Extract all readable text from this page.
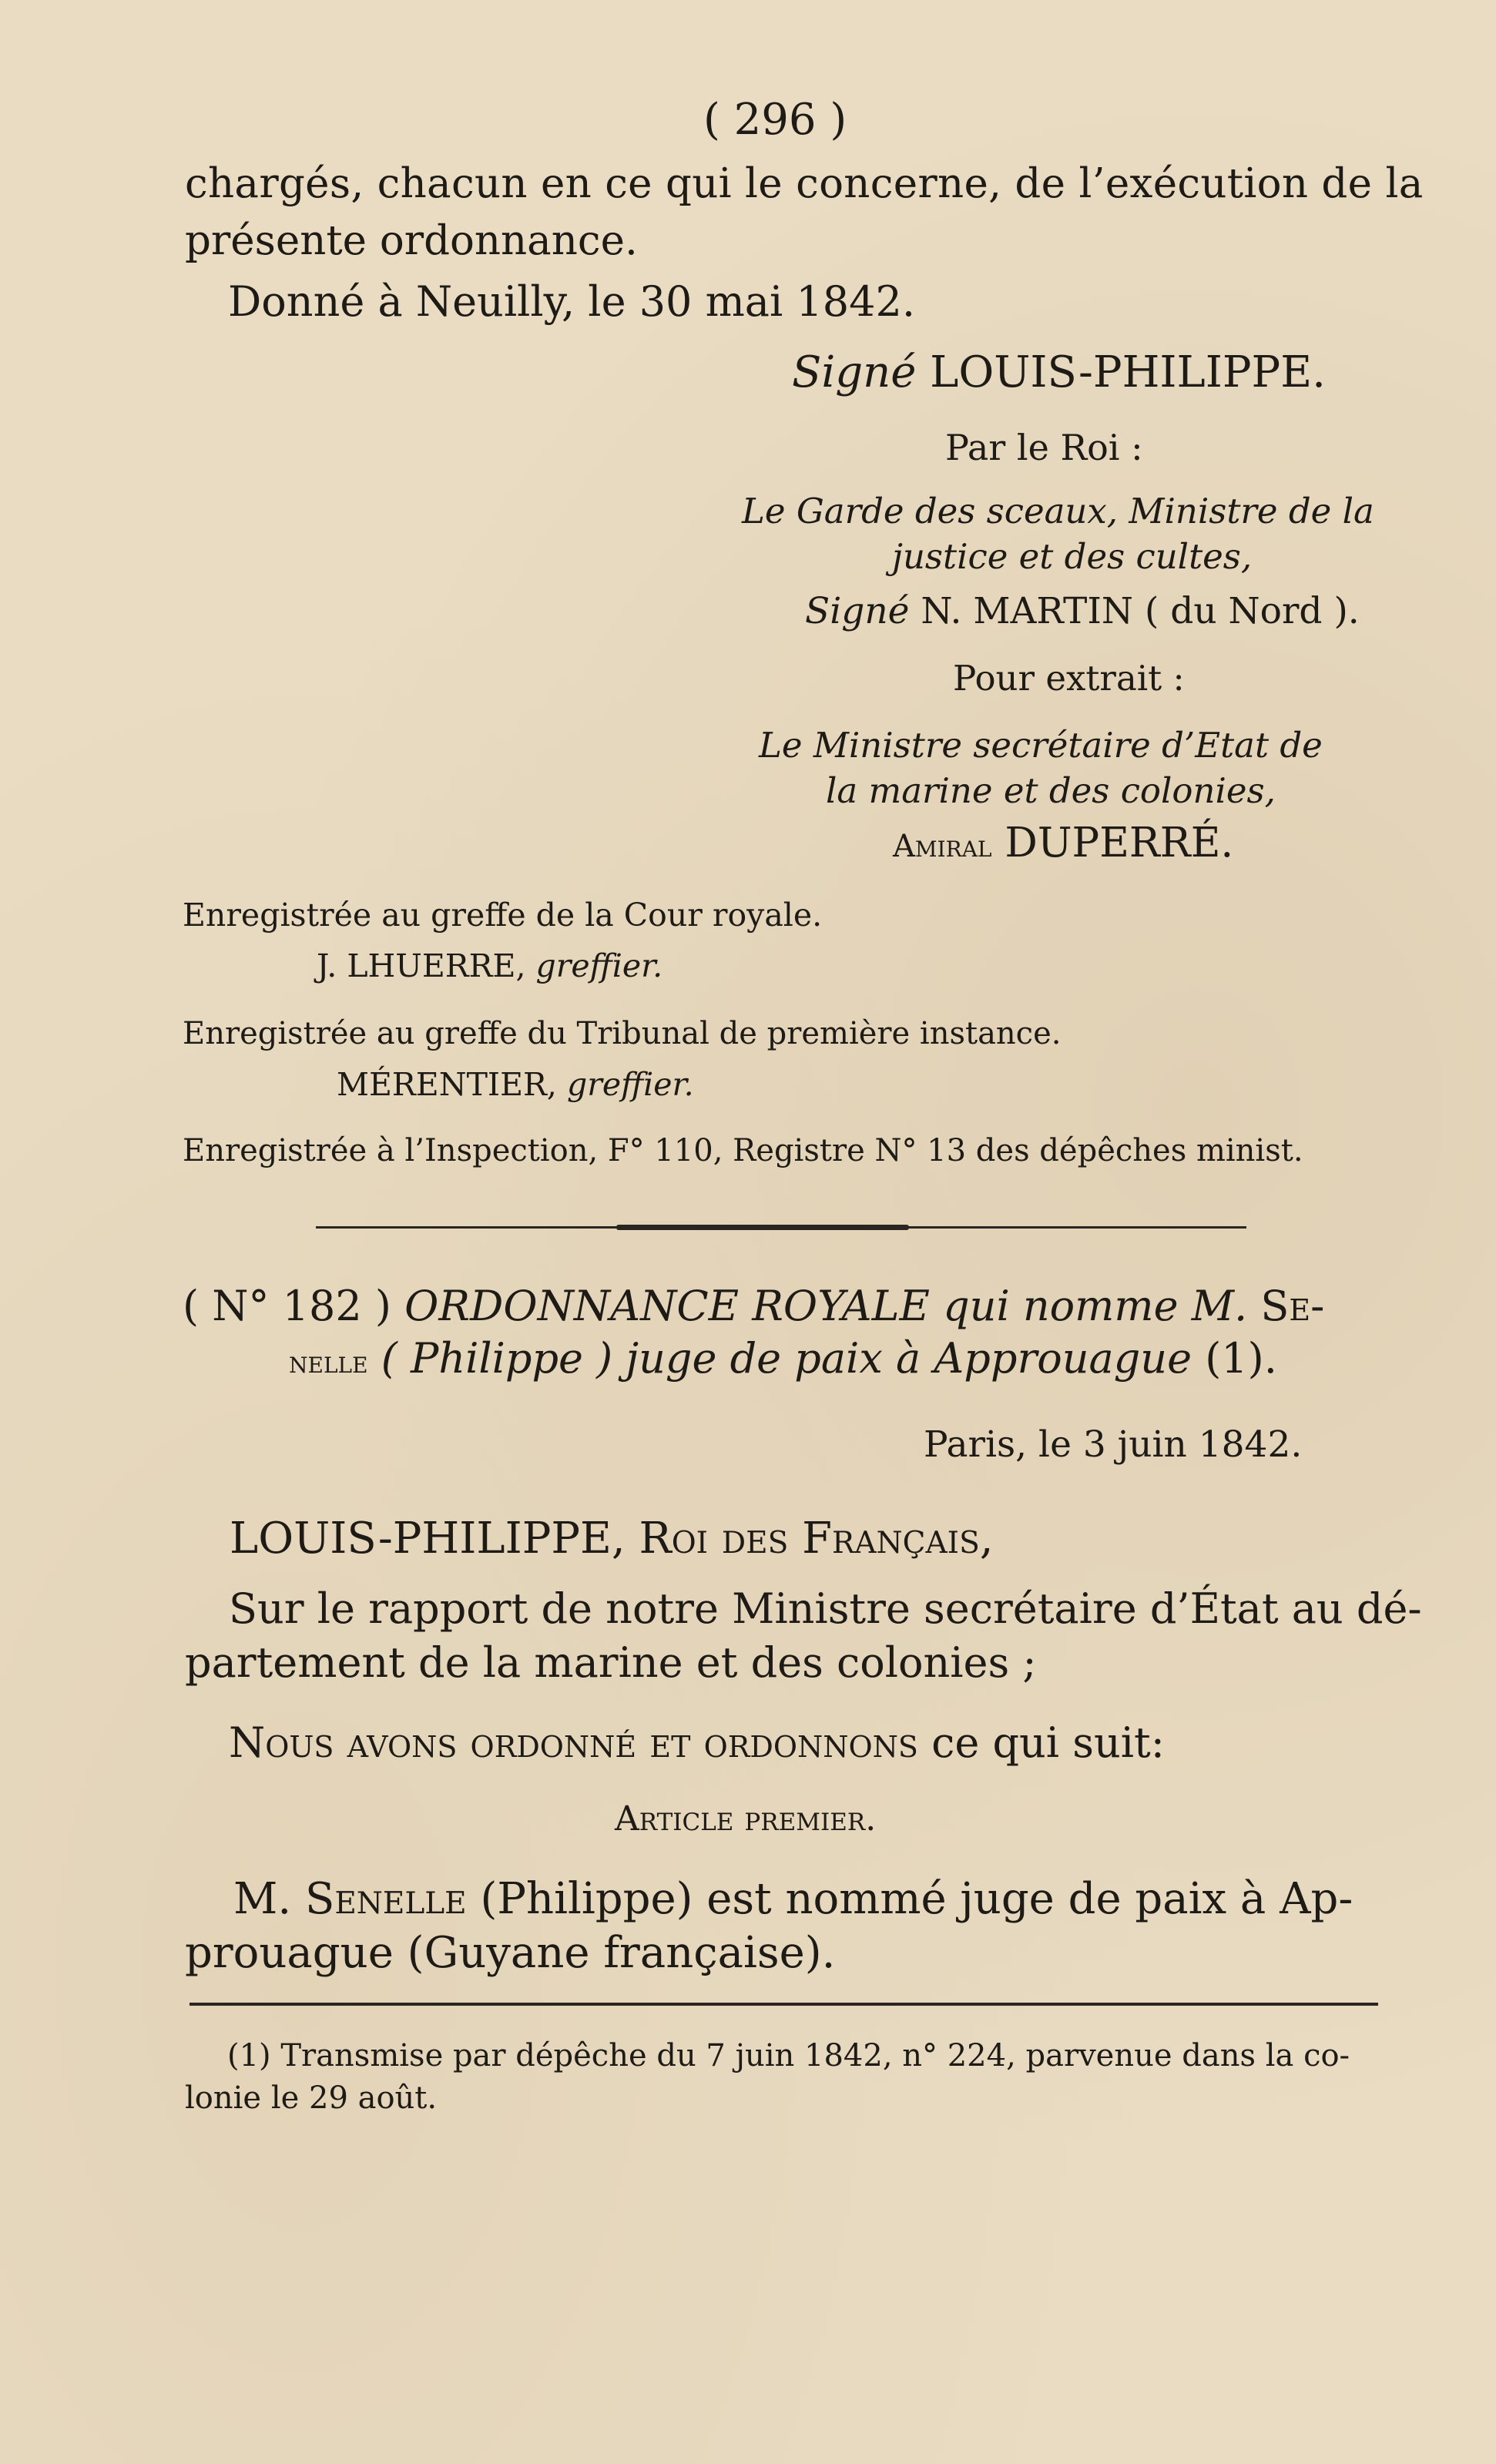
( 296 )
chargés, chacun en ce qui le concerne, de l’exécution de la
présente ordonnance.
Donné à Neuilly, le 30 mai 1842.
Signé LOUIS-PHILIPPE.
Par le Roi :
Le Garde des sceaux, Ministre de la
justice et des cultes,
Signé N. MARTIN ( du Nord ).
Pour extrait :
Le Ministre secrétaire d’Etat de
la marine et des colonies,
Amiral DUPERRÉ.
Enregistrée au greffe de la Cour royale.
J. LHUERRE, greffier.
Enregistrée au greffe du Tribunal de première instance.
MÉRENTIER, greffier.
Enregistrée à l’Inspection, F° 110, Registre N° 13 des dépêches minist.
( N° 182 ) ORDONNANCE ROYALE qui nomme M. Se-
nelle ( Philippe ) juge de paix à Approuague (1).
Paris, le 3 juin 1842.
LOUIS-PHILIPPE, Roi des Français,
Sur le rapport de notre Ministre secrétaire d’État au dé-
partement de la marine et des colonies ;
Nous avons ordonné et ordonnons ce qui suit:
Article premier.
M. Senelle (Philippe) est nommé juge de paix à Ap-
prouague (Guyane française).
(1) Transmise par dépêche du 7 juin 1842, n° 224, parvenue dans la co-
lonie le 29 août.
